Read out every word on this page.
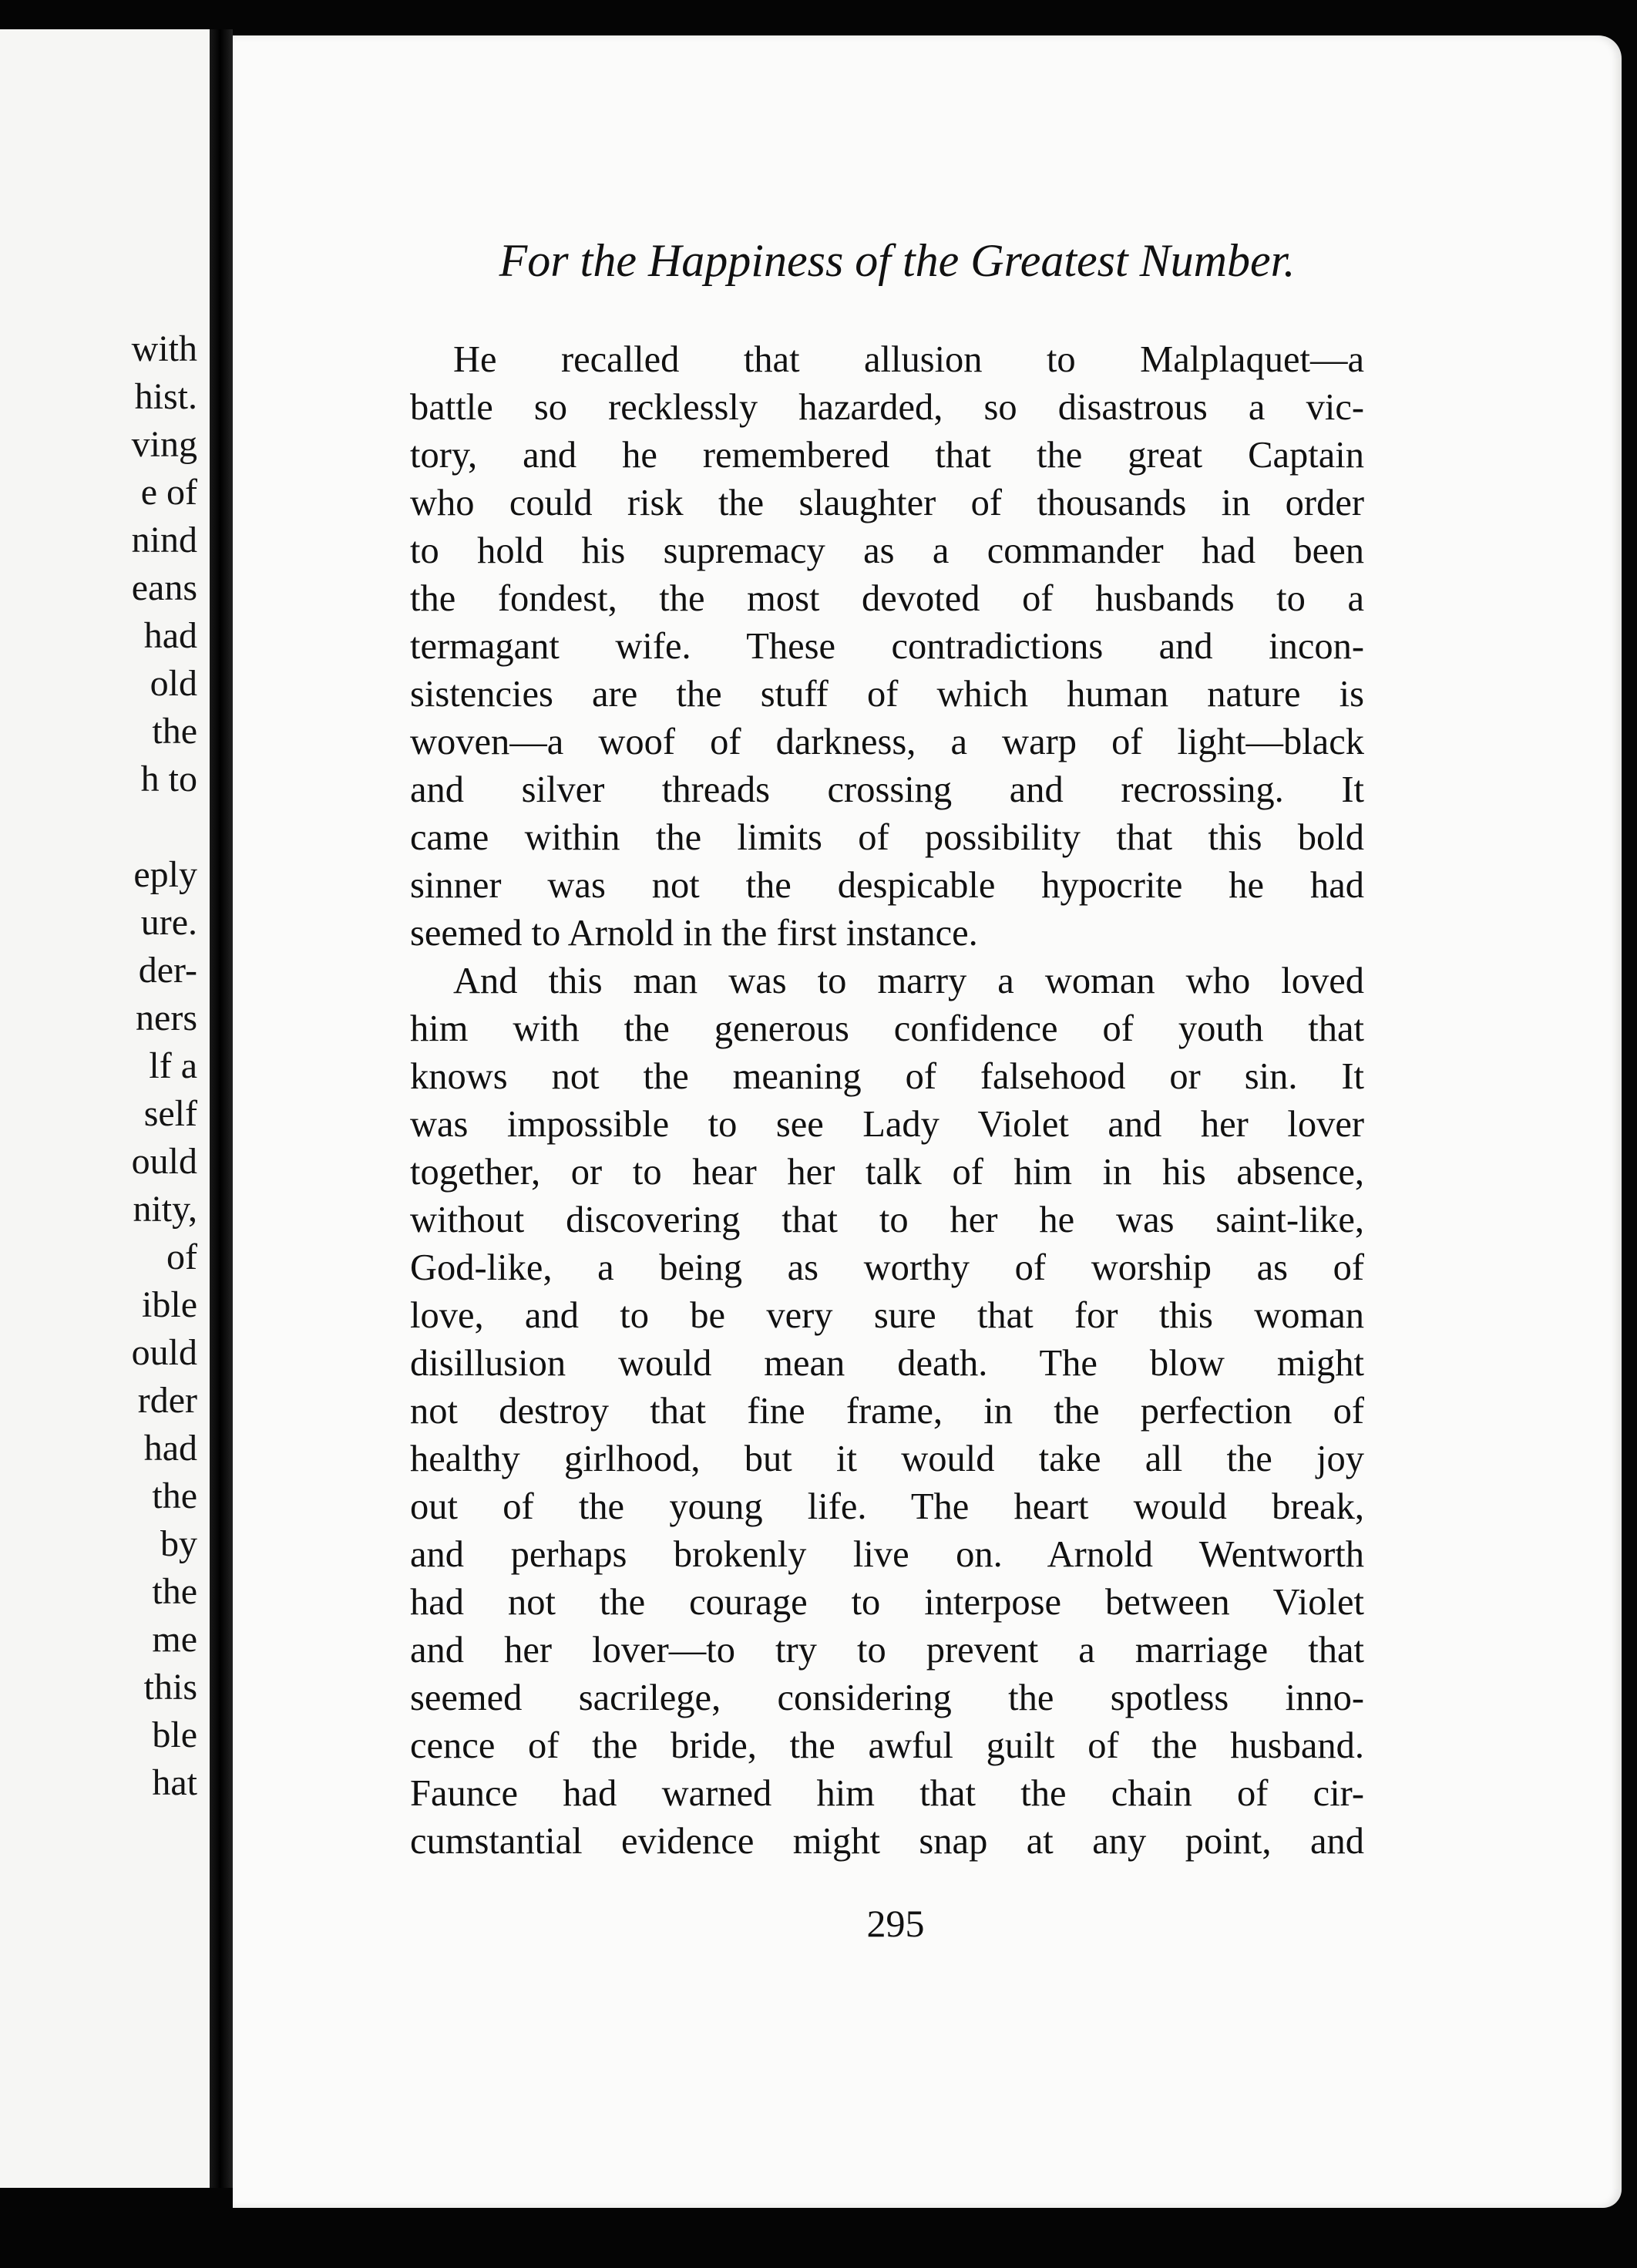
with
hist.
ving
e of
nind
eans
had
old
the
h to
eply
ure.
der-
ners
lf a
self
ould
nity,
of
ible
ould
rder
had
the
by
the
me
this
ble
hat
For the Happiness of the Greatest Number.
He recalled that allusion to Malplaquet—a
battle so recklessly hazarded, so disastrous a vic-
tory, and he remembered that the great Captain
who could risk the slaughter of thousands in order
to hold his supremacy as a commander had been
the fondest, the most devoted of husbands to a
termagant wife. These contradictions and incon-
sistencies are the stuff of which human nature is
woven—a woof of darkness, a warp of light—black
and silver threads crossing and recrossing. It
came within the limits of possibility that this bold
sinner was not the despicable hypocrite he had
seemed to Arnold in the first instance.
And this man was to marry a woman who loved
him with the generous confidence of youth that
knows not the meaning of falsehood or sin. It
was impossible to see Lady Violet and her lover
together, or to hear her talk of him in his absence,
without discovering that to her he was saint-like,
God-like, a being as worthy of worship as of
love, and to be very sure that for this woman
disillusion would mean death. The blow might
not destroy that fine frame, in the perfection of
healthy girlhood, but it would take all the joy
out of the young life. The heart would break,
and perhaps brokenly live on. Arnold Wentworth
had not the courage to interpose between Violet
and her lover—to try to prevent a marriage that
seemed sacrilege, considering the spotless inno-
cence of the bride, the awful guilt of the husband.
Faunce had warned him that the chain of cir-
cumstantial evidence might snap at any point, and
295
